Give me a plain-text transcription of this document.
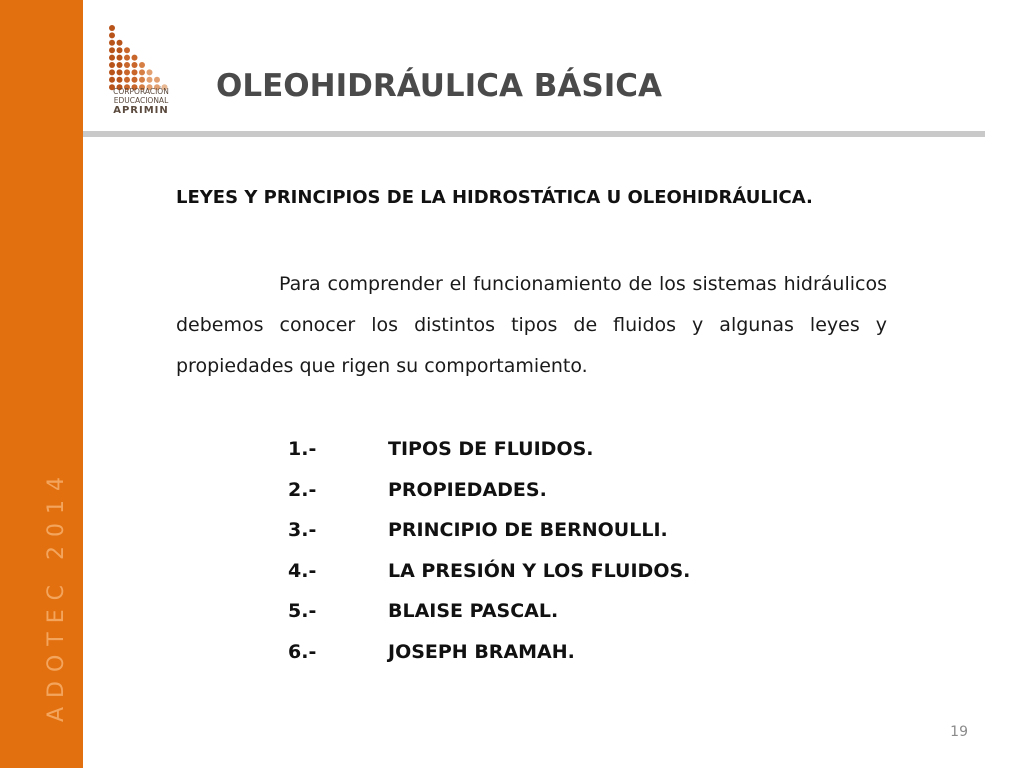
ADOTEC 2014
CORPORACIÓN
EDUCACIONAL
APRIMIN
OLEOHIDRÁULICA BÁSICA
LEYES Y PRINCIPIOS DE LA HIDROSTÁTICA U OLEOHIDRÁULICA.

Para comprender el funcionamiento de los sistemas hidráulicos debemos conocer los distintos tipos de fluidos y algunas leyes y propiedades que rigen su comportamiento.

1.-	TIPOS DE FLUIDOS.
2.-	PROPIEDADES.
3.-	PRINCIPIO DE BERNOULLI.
4.-	LA PRESIÓN Y LOS FLUIDOS.
5.-	BLAISE PASCAL.
6.-	JOSEPH BRAMAH.
19
